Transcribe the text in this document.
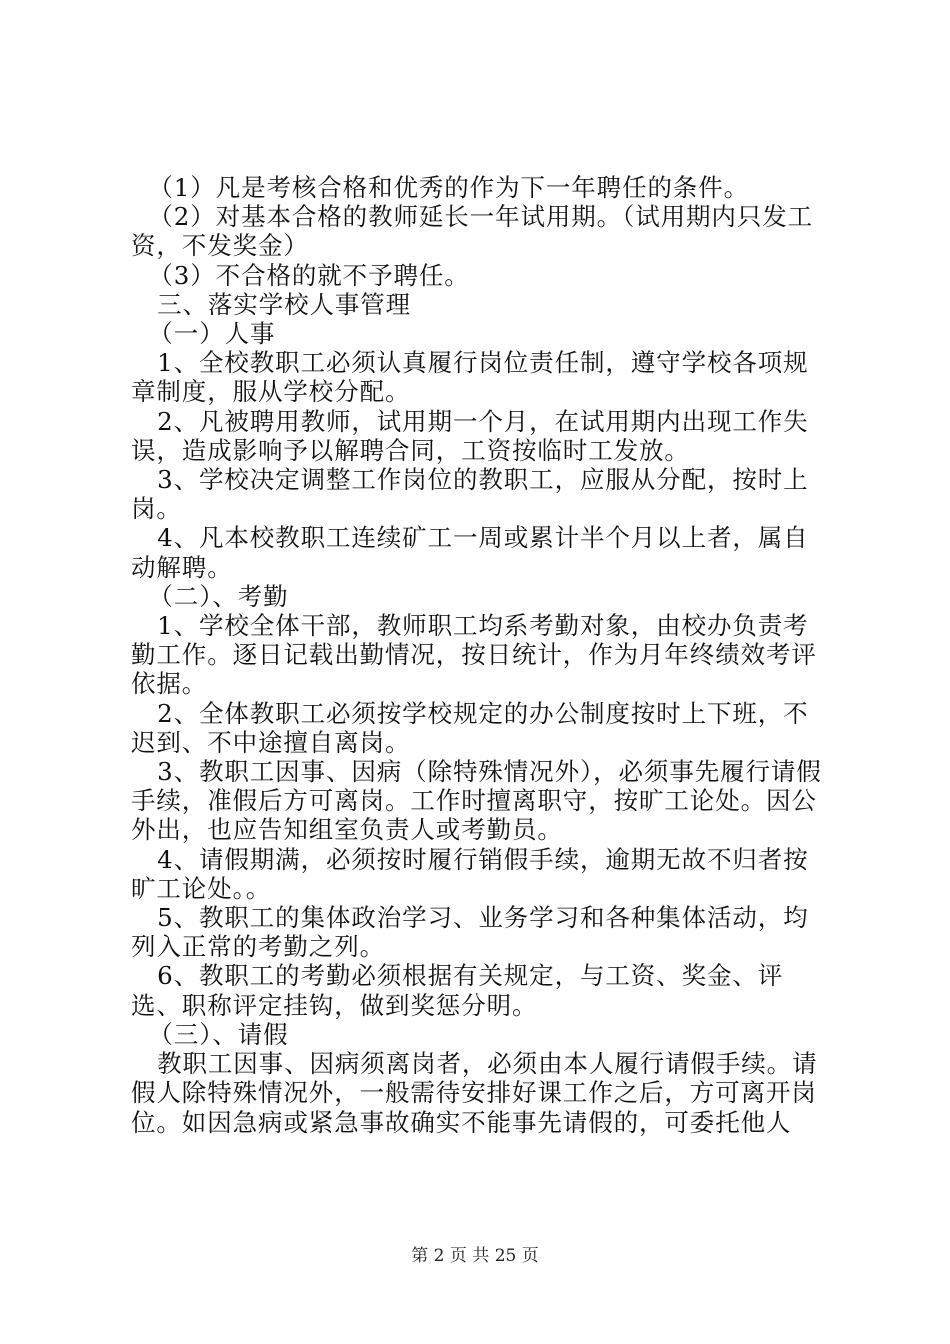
（1）凡是考核合格和优秀的作为下一年聘任的条件。

（2）对基本合格的教师延长一年试用期。（试用期内只发工资，不发奖金）

（3）不合格的就不予聘任。

三、落实学校人事管理

（一）人事

1、全校教职工必须认真履行岗位责任制，遵守学校各项规章制度，服从学校分配。

2、凡被聘用教师，试用期一个月，在试用期内出现工作失误，造成影响予以解聘合同，工资按临时工发放。

3、学校决定调整工作岗位的教职工，应服从分配，按时上岗。

4、凡本校教职工连续矿工一周或累计半个月以上者，属自动解聘。

（二）、考勤

1、学校全体干部，教师职工均系考勤对象，由校办负责考勤工作。逐日记载出勤情况，按日统计，作为月年终绩效考评依据。

2、全体教职工必须按学校规定的办公制度按时上下班，不迟到、不中途擅自离岗。

3、教职工因事、因病（除特殊情况外），必须事先履行请假手续，准假后方可离岗。工作时擅离职守，按旷工论处。因公外出，也应告知组室负责人或考勤员。

4、请假期满，必须按时履行销假手续，逾期无故不归者按旷工论处。。

5、教职工的集体政治学习、业务学习和各种集体活动，均列入正常的考勤之列。

6、教职工的考勤必须根据有关规定，与工资、奖金、评选、职称评定挂钩，做到奖惩分明。

（三）、请假

教职工因事、因病须离岗者，必须由本人履行请假手续。请假人除特殊情况外，一般需待安排好课工作之后，方可离开岗位。如因急病或紧急事故确实不能事先请假的，可委托他人

第 2 页 共 25 页
